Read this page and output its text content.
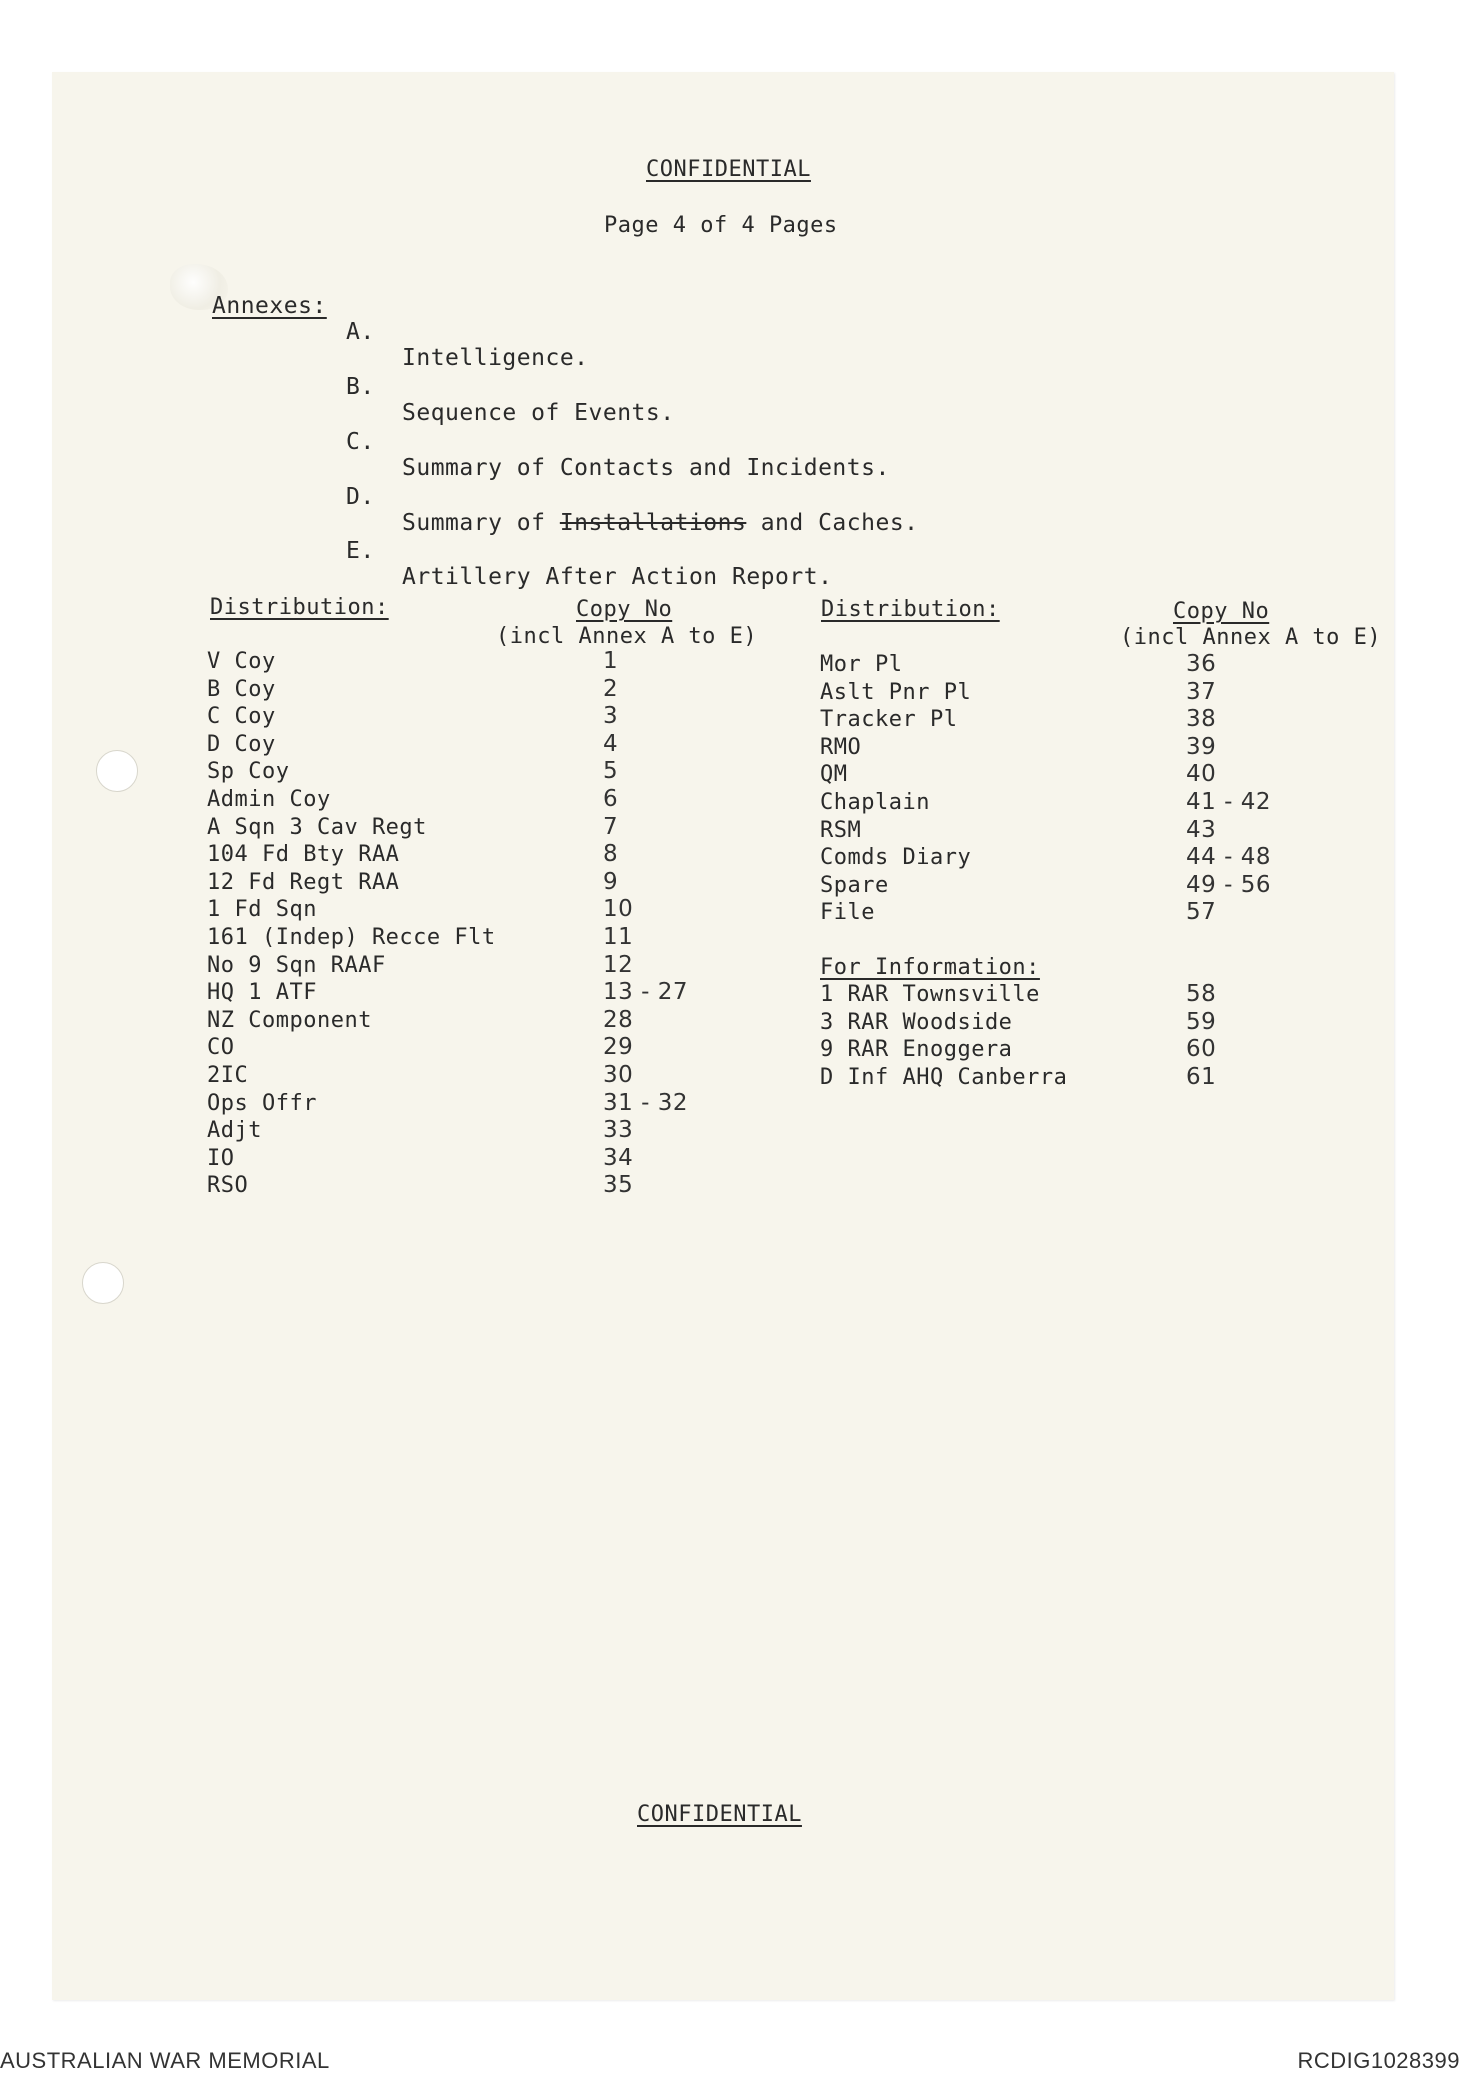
CONFIDENTIAL
Page 4 of 4 Pages
Annexes:

A.

Intelligence.

B.

Sequence of Events.

C.

Summary of Contacts and Incidents.

D.

Summary of Installations and Caches.

E.

Artillery After Action Report.

Distribution:	Copy No
(incl Annex A to E)
V Coy	1
B Coy	2
C Coy	3
D Coy	4
Sp Coy	5
Admin Coy	6
A Sqn 3 Cav Regt	7
104 Fd Bty RAA	8
12 Fd Regt RAA	9
1 Fd Sqn	10
161 (Indep) Recce Flt	11
No 9 Sqn RAAF	12
HQ 1 ATF	13 - 27
NZ Component	28
CO	29
2IC	30
Ops Offr	31 - 32
Adjt	33
IO	34
RSO	35
Distribution:	Copy No
(incl Annex A to E)
Mor Pl	36
Aslt Pnr Pl	37
Tracker Pl	38
RMO	39
QM	40
Chaplain	41 - 42
RSM	43
Comds Diary	44 - 48
Spare	49 - 56
File	57
For Information:
1 RAR Townsville	58
3 RAR Woodside	59
9 RAR Enoggera	60
D Inf AHQ Canberra	61
CONFIDENTIAL
AUSTRALIAN WAR MEMORIAL	RCDIG1028399
